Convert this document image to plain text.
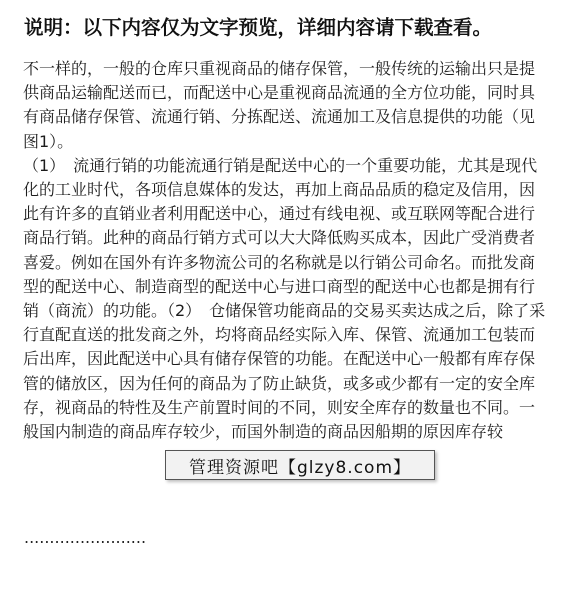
说明：以下内容仅为文字预览，详细内容请下载查看。

不一样的，一般的仓库只重视商品的储存保管，一般传统的运输出只是提供商品运输配送而已，而配送中心是重视商品流通的全方位功能，同时具有商品储存保管、流通行销、分拣配送、流通加工及信息提供的功能（见图1）。

（1）　流通行销的功能流通行销是配送中心的一个重要功能，尤其是现代化的工业时代，各项信息媒体的发达，再加上商品品质的稳定及信用，因此有许多的直销业者利用配送中心，通过有线电视、或互联网等配合进行商品行销。此种的商品行销方式可以大大降低购买成本，因此广受消费者喜爱。例如在国外有许多物流公司的名称就是以行销公司命名。而批发商型的配送中心、制造商型的配送中心与进口商型的配送中心也都是拥有行销（商流）的功能。（2）　仓储保管功能商品的交易买卖达成之后，除了采行直配直送的批发商之外，均将商品经实际入库、保管、流通加工包装而后出库，因此配送中心具有储存保管的功能。在配送中心一般都有库存保管的储放区，因为任何的商品为了防止缺货，或多或少都有一定的安全库存，视商品的特性及生产前置时间的不同，则安全库存的数量也不同。一般国内制造的商品库存较少，而国外制造的商品因船期的原因库存较

........................
管理资源吧【glzy8.com】
